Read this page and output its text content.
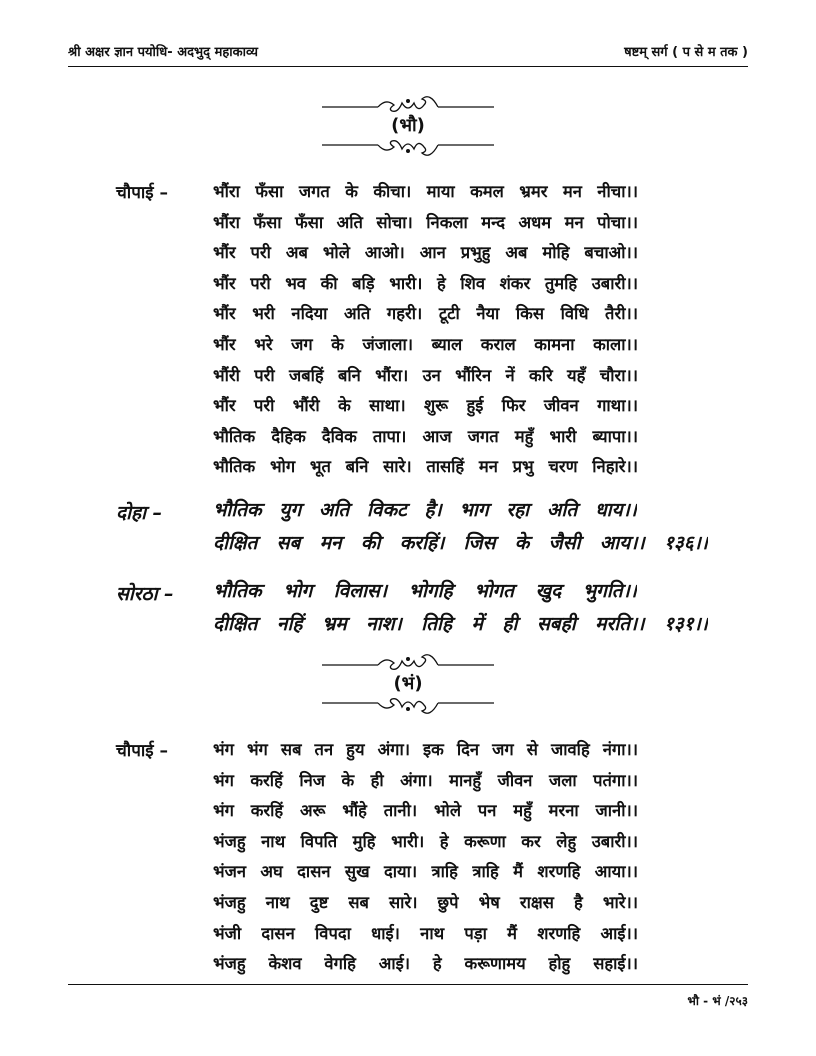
श्री अक्षर ज्ञान पयोधि- अदभुद् महाकाव्य	षष्टम् सर्ग ( प से म तक )
(भौ)
चौपाई –	भौंरा फँसा जगत के कीचा। माया कमल भ्रमर मन नीचा।।
भौंरा फँसा फँसा अति सोचा। निकला मन्द अधम मन पोचा।।
भौंर परी अब भोले आओ। आन प्रभुहु अब मोहि बचाओ।।
भौंर परी भव की बड़ि भारी। हे शिव शंकर तुमहि उबारी।।
भौंर भरी नदिया अति गहरी। टूटी नैया किस विधि तैरी।।
भौंर भरे जग के जंजाला। ब्याल कराल कामना काला।।
भौंरी परी जबहिं बनि भौंरा। उन भौंरिन नें करि यहँ चौरा।।
भौंर परी भौंरी के साथा। शुरू हुई फिर जीवन गाथा।।
भौतिक दैहिक दैविक तापा। आज जगत महुँ भारी ब्यापा।।
भौतिक भोग भूत बनि सारे। तासहिं मन प्रभु चरण निहारे।।
दोहा –	भौतिक युग अति विकट है। भाग रहा अति धाय।।
दीक्षित सब मन की करहिं। जिस के जैसी आय।। १३६।।
सोरठा – भौतिक भोग विलास। भोगहि भोगत खुद भुगति।।
दीक्षित नहिं भ्रम नाश। तिहि में ही सबही मरति।। १३१।।
(भं)
चौपाई –	भंग भंग सब तन हुय अंगा। इक दिन जग से जावहि नंगा।।
भंग करहिं निज के ही अंगा। मानहुँ जीवन जला पतंगा।।
भंग करहिं अरू भौंहे तानी। भोले पन महुँ मरना जानी।।
भंजहु नाथ विपति मुहि भारी। हे करूणा कर लेहु उबारी।।
भंजन अघ दासन सुख दाया। त्राहि त्राहि मैं शरणहि आया।।
भंजहु नाथ दुष्ट सब सारे। छुपे भेष राक्षस है भारे।।
भंजी दासन विपदा धाई। नाथ पड़ा मैं शरणहि आई।।
भंजहु केशव वेगहि आई। हे करूणामय होहु सहाई।।
भौ - भं /२५३
